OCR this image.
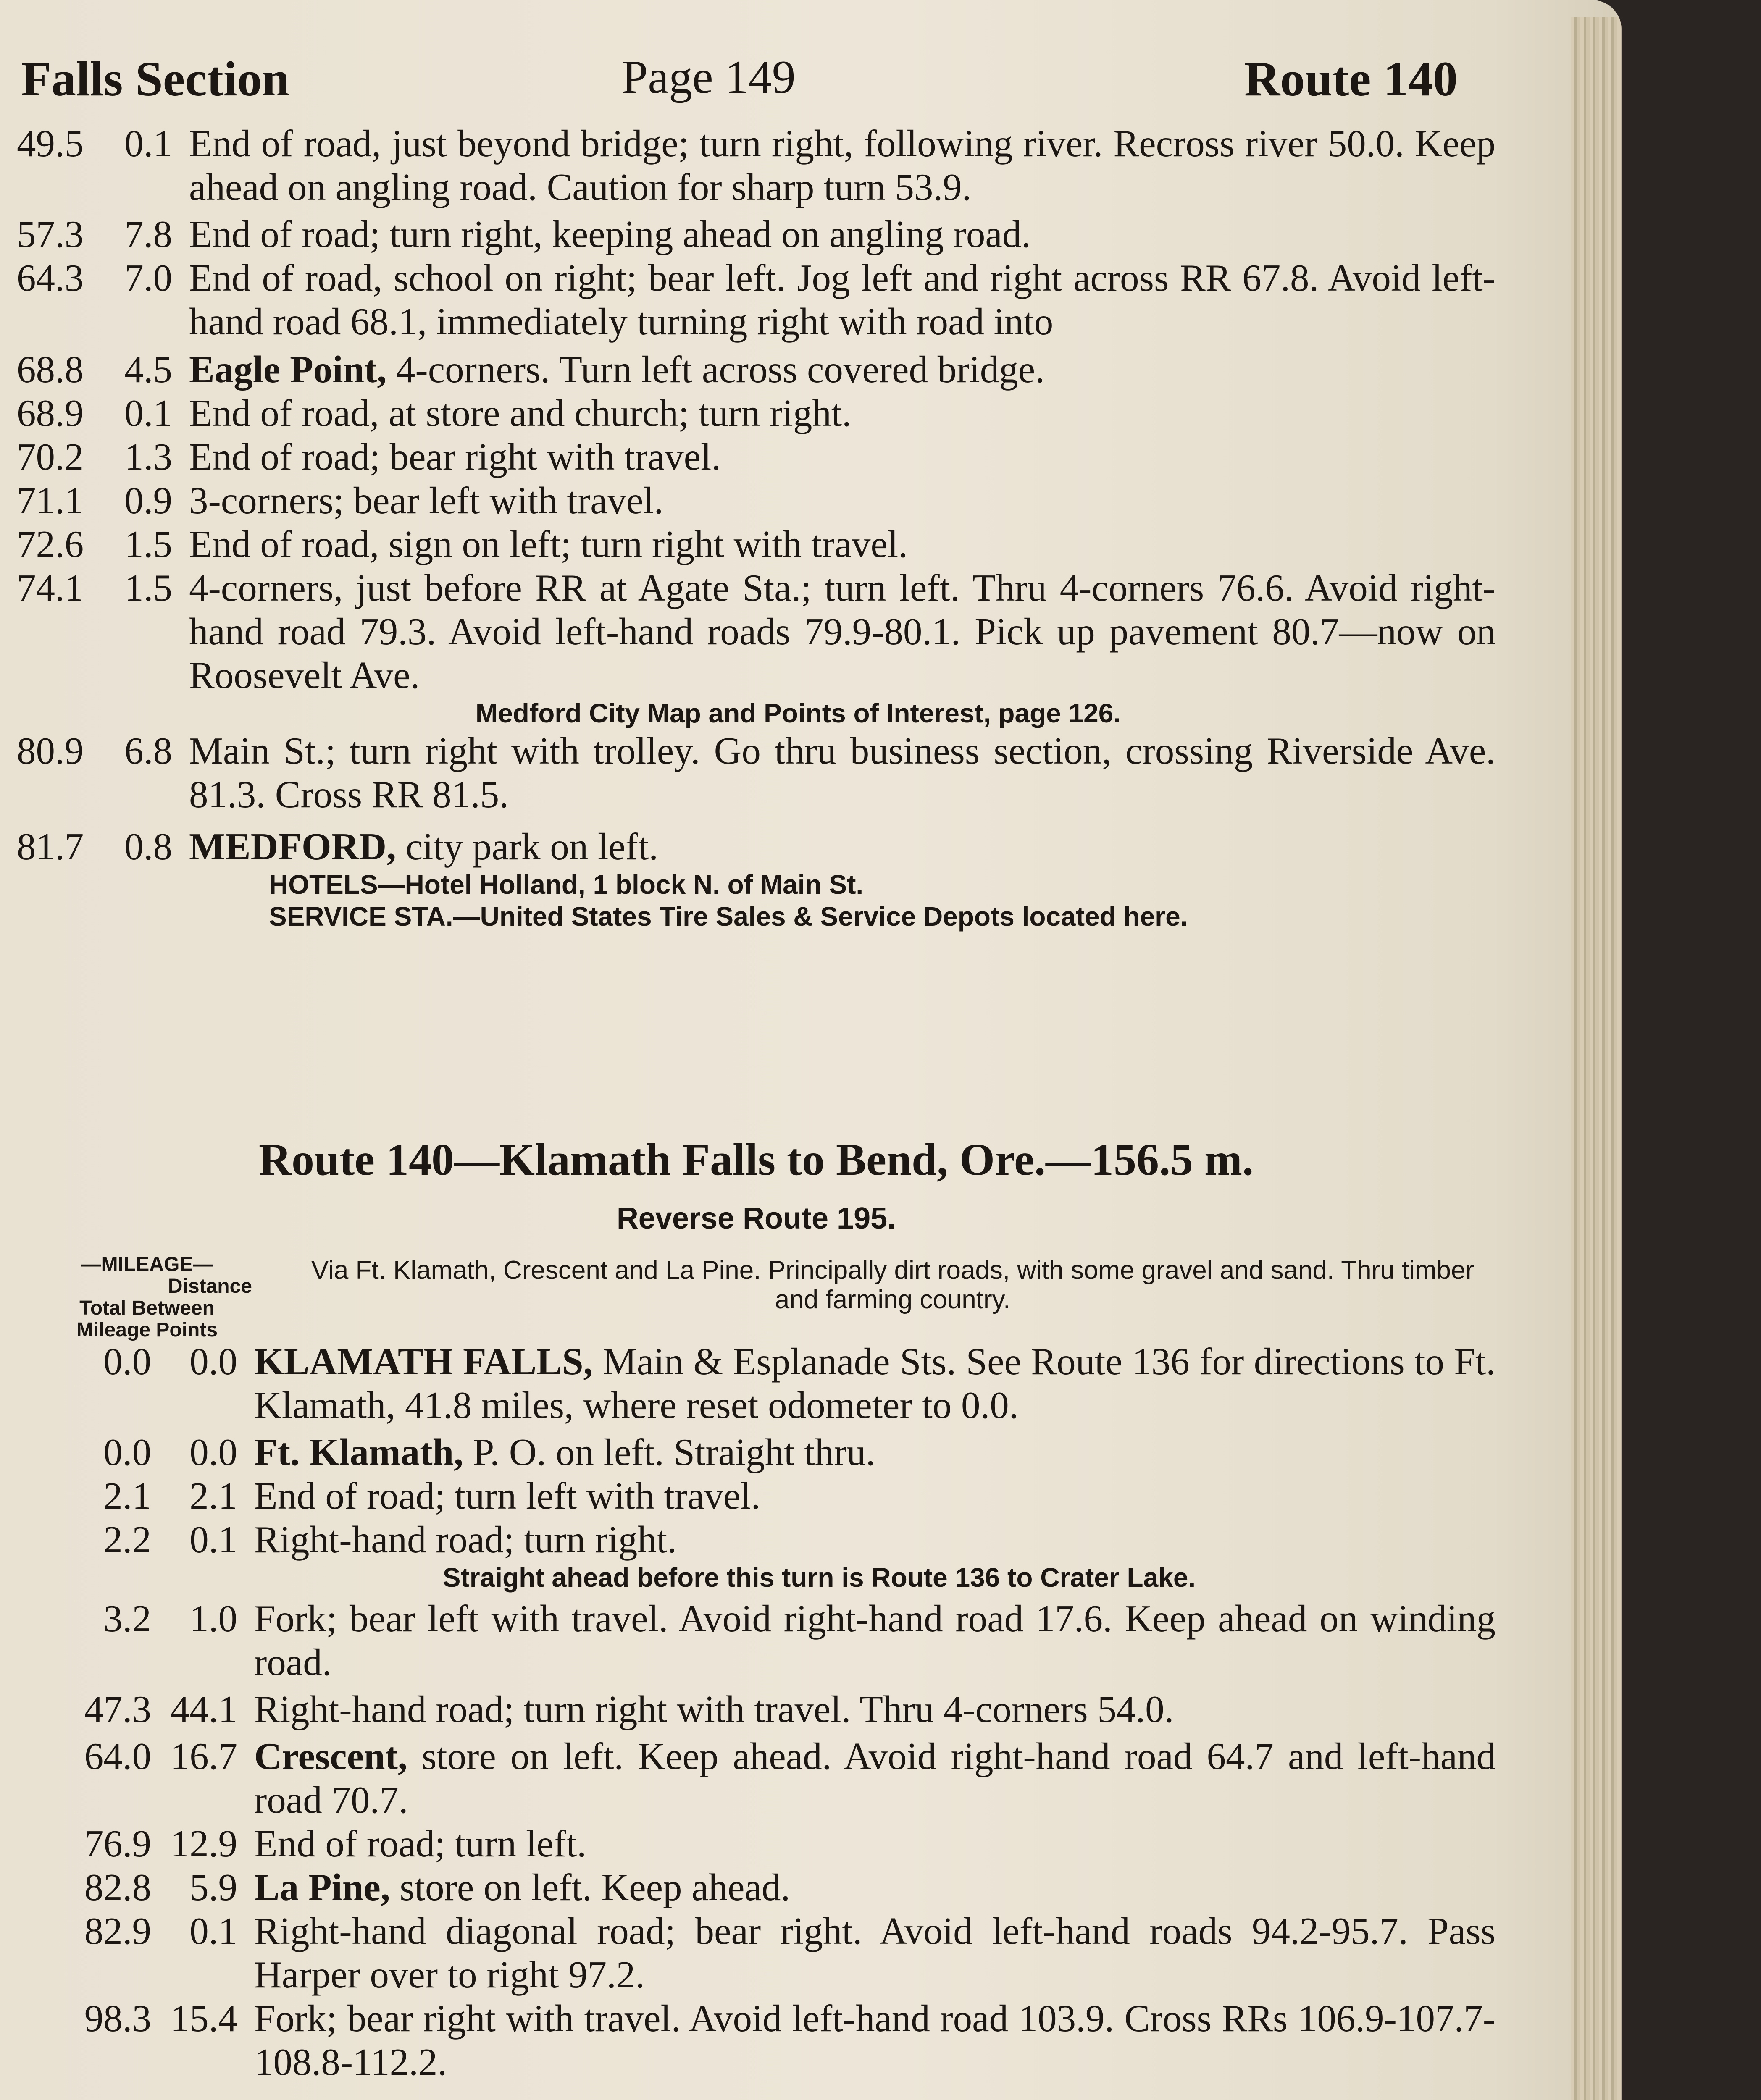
Falls Section	Page 149	Route 140
49.5	0.1 End of road, just beyond bridge; turn right, following river. Recross river 50.0. Keep ahead on angling road. Caution for sharp turn 53.9.
57.3	7.8 End of road; turn right, keeping ahead on angling road.
64.3	7.0 End of road, school on right; bear left. Jog left and right across RR 67.8. Avoid left-hand road 68.1, immediately turning right with road into
68.8	4.5 Eagle Point, 4-corners. Turn left across covered bridge.
68.9	0.1 End of road, at store and church; turn right.
70.2	1.3 End of road; bear right with travel.
71.1	0.9 3-corners; bear left with travel.
72.6	1.5 End of road, sign on left; turn right with travel.
74.1	1.5 4-corners, just before RR at Agate Sta.; turn left. Thru 4-corners 76.6. Avoid right-hand road 79.3. Avoid left-hand roads 79.9-80.1. Pick up pavement 80.7—now on Roosevelt Ave.
Medford City Map and Points of Interest, page 126.
80.9	6.8 Main St.; turn right with trolley. Go thru business section, crossing Riverside Ave. 81.3. Cross RR 81.5.
81.7	0.8 MEDFORD, city park on left.
HOTELS—Hotel Holland, 1 block N. of Main St.
SERVICE STA.—United States Tire Sales & Service Depots located here.
Route 140—Klamath Falls to Bend, Ore.—156.5 m.
Reverse Route 195.
—MILEAGE—
Distance
Total Between
Mileage Points
Via Ft. Klamath, Crescent and La Pine. Principally dirt roads, with some gravel and sand. Thru timber and farming country.
0.0	0.0 KLAMATH FALLS, Main & Esplanade Sts. See Route 136 for directions to Ft. Klamath, 41.8 miles, where reset odometer to 0.0.
0.0	0.0 Ft. Klamath, P. O. on left. Straight thru.
2.1	2.1 End of road; turn left with travel.
2.2	0.1 Right-hand road; turn right.
Straight ahead before this turn is Route 136 to Crater Lake.
3.2	1.0 Fork; bear left with travel. Avoid right-hand road 17.6. Keep ahead on winding road.
47.3 44.1 Right-hand road; turn right with travel. Thru 4-corners 54.0.
64.0 16.7 Crescent, store on left. Keep ahead. Avoid right-hand road 64.7 and left-hand road 70.7.
76.9 12.9 End of road; turn left.
82.8	5.9 La Pine, store on left. Keep ahead.
82.9	0.1 Right-hand diagonal road; bear right. Avoid left-hand roads 94.2-95.7. Pass Harper over to right 97.2.
98.3 15.4 Fork; bear right with travel. Avoid left-hand road 103.9. Cross RRs 106.9-107.7-108.8-112.2.
